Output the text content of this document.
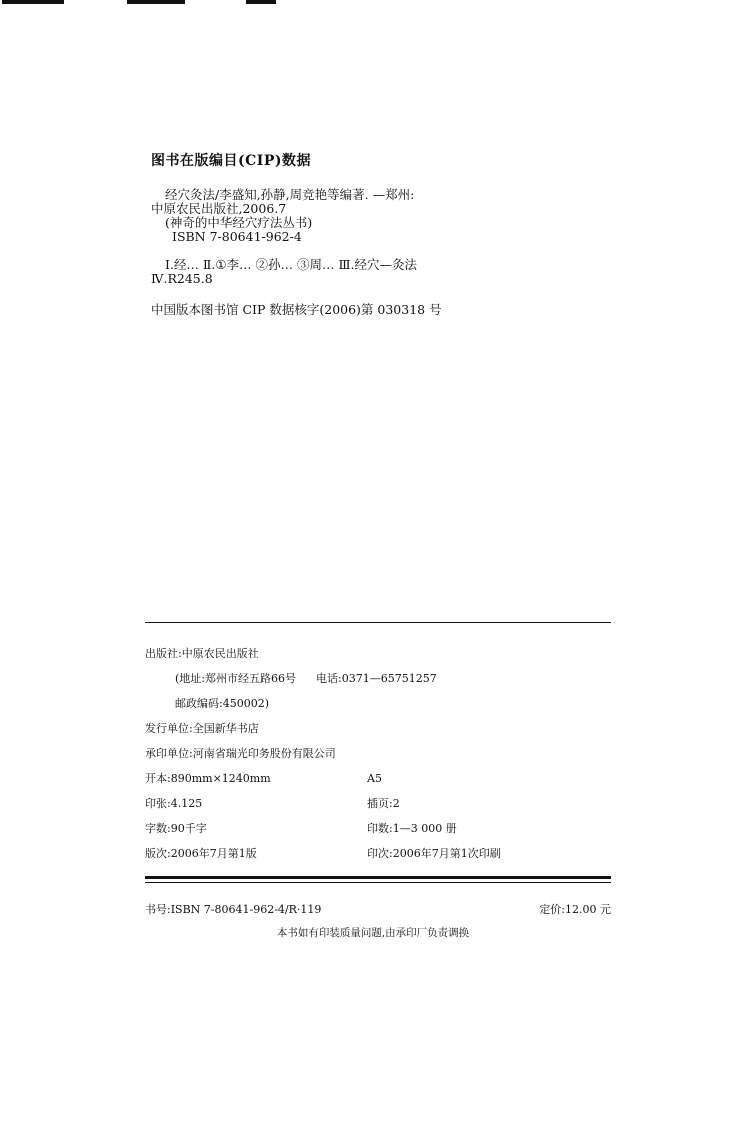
图书在版编目(CIP)数据
经穴灸法/李盛知,孙静,周竞艳等编著. —郑州:
中原农民出版社,2006.7
(神奇的中华经穴疗法丛书)
ISBN 7-80641-962-4
Ⅰ.经… Ⅱ.①李… ②孙… ③周… Ⅲ.经穴—灸法
Ⅳ.R245.8
中国版本图书馆 CIP 数据核字(2006)第 030318 号
出版社:中原农民出版社
(地址:郑州市经五路66号 电话:0371—65751257
邮政编码:450002)
发行单位:全国新华书店
承印单位:河南省瑞光印务股份有限公司
开本:890mm×1240mm	A5
印张:4.125	插页:2
字数:90千字	印数:1—3 000 册
版次:2006年7月第1版	印次:2006年7月第1次印刷
书号:ISBN 7-80641-962-4/R·119	定价:12.00 元
本书如有印装质量问题,由承印厂负责调换
